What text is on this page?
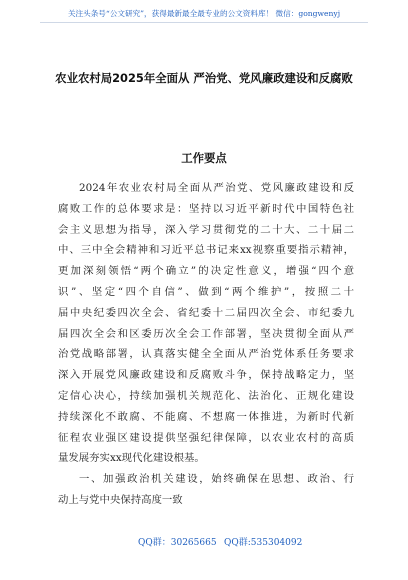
关注头条号“公文研究”，获得最新最全最专业的公文资料库！ 微信：gongwenyj
农业农村局2025年全面从 严治党、党风廉政建设和反腐败
工作要点
2024年农业农村局全面从严治党、党风廉政建设和反
腐败工作的总体要求是：坚持以习近平新时代中国特色社
会主义思想为指导，深入学习贯彻党的二十大、二十届二
中、三中全会精神和习近平总书记来xx视察重要指示精神，
更加深刻领悟“两个确立”的决定性意义，增强“四个意
识”、坚定“四个自信”、做到“两个维护”，按照二十
届中央纪委四次全会、省纪委十二届四次全会、市纪委九
届四次全会和区委历次全会工作部署，坚决贯彻全面从严
治党战略部署，认真落实健全全面从严治党体系任务要求
深入开展党风廉政建设和反腐败斗争，保持战略定力，坚
定信心决心，持续加强机关规范化、法治化、正规化建设
持续深化不敢腐、不能腐、不想腐一体推进，为新时代新
征程农业强区建设提供坚强纪律保障，以农业农村的高质
量发展夯实xx现代化建设根基。
一、加强政治机关建设，始终确保在思想、政治、行
动上与党中央保持高度一致
QQ群：30265665 QQ群:535304092
